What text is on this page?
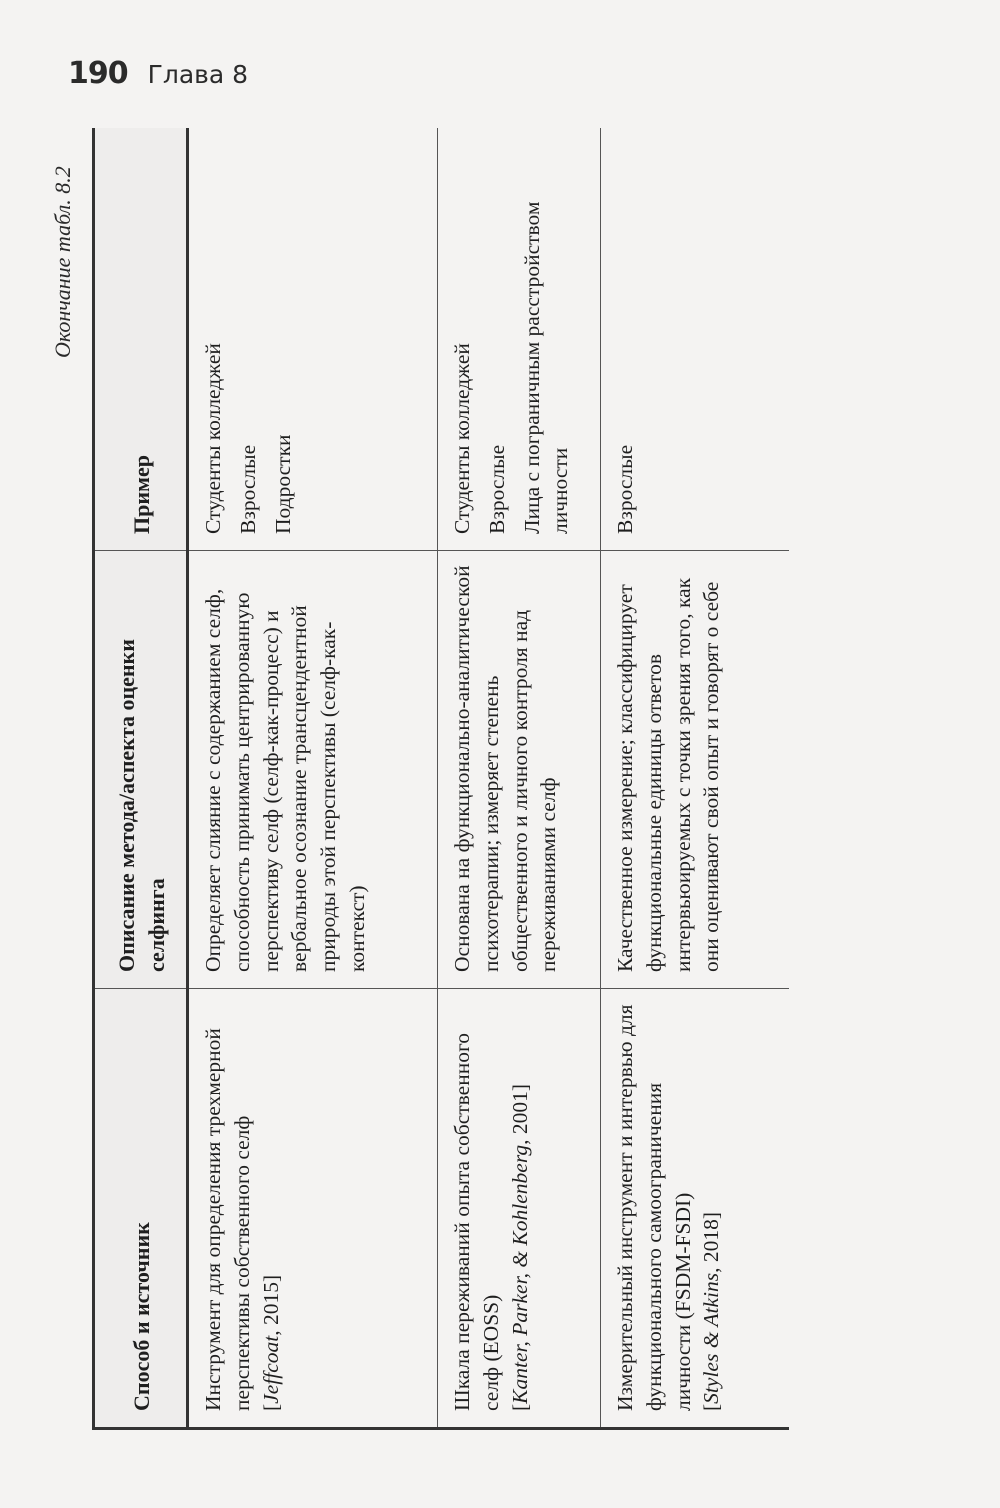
190 Глава 8
Окончание табл. 8.2
Способ и источник	Описание метода/аспекта оценки селфинга	Пример

Инструмент для определения трехмерной перспективы собственного селф [Jeffcoat, 2015]	Определяет слияние с содержанием селф, способность принимать центрированную перспективу селф (селф-как-процесс) и вербальное осознание трансцендентной природы этой перспективы (селф-как-контекст)	Студенты колледжей Взрослые Подростки

Шкала переживаний опыта собственного селф (EOSS) [Kanter, Parker, & Kohlenberg, 2001]	Основана на функционально-аналитической психотерапии; измеряет степень общественного и личного контроля над переживаниями селф	Студенты колледжей Взрослые Лица с пограничным расстройством личности

Измерительный инструмент и интервью для функционального самоограничения личности (FSDM-FSDI) [Styles & Atkins, 2018]	Качественное измерение; классифицирует функциональные единицы ответов интервьюируемых с точки зрения того, как они оценивают свой опыт и говорят о себе	Взрослые
